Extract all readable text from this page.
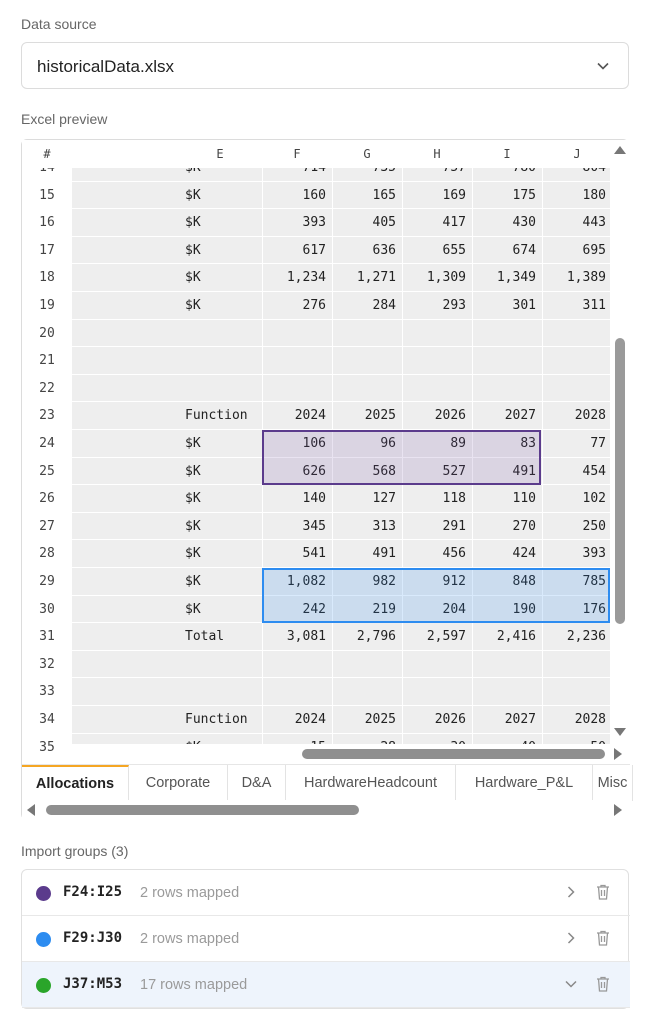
Data source
historicalData.xlsx
Excel preview
#	E	F	G	H	I	J
15	$K	160	165	169	175	180
16	$K	393	405	417	430	443
17	$K	617	636	655	674	695
18	$K	1,234	1,271	1,309	1,349	1,389
19	$K	276	284	293	301	311
20
21
22
23	Function	2024	2025	2026	2027	2028
24	$K	106	96	89	83	77
25	$K	626	568	527	491	454
26	$K	140	127	118	110	102
27	$K	345	313	291	270	250
28	$K	541	491	456	424	393
29	$K	1,082	982	912	848	785
30	$K	242	219	204	190	176
31	Total	3,081	2,796	2,597	2,416	2,236
32
33
34	Function	2024	2025	2026	2027	2028
35
Allocations	Corporate	D&A	HardwareHeadcount	Hardware_P&L	Misc
Import groups (3)
F24:I25 2 rows mapped
F29:J30 2 rows mapped
J37:M53 17 rows mapped
